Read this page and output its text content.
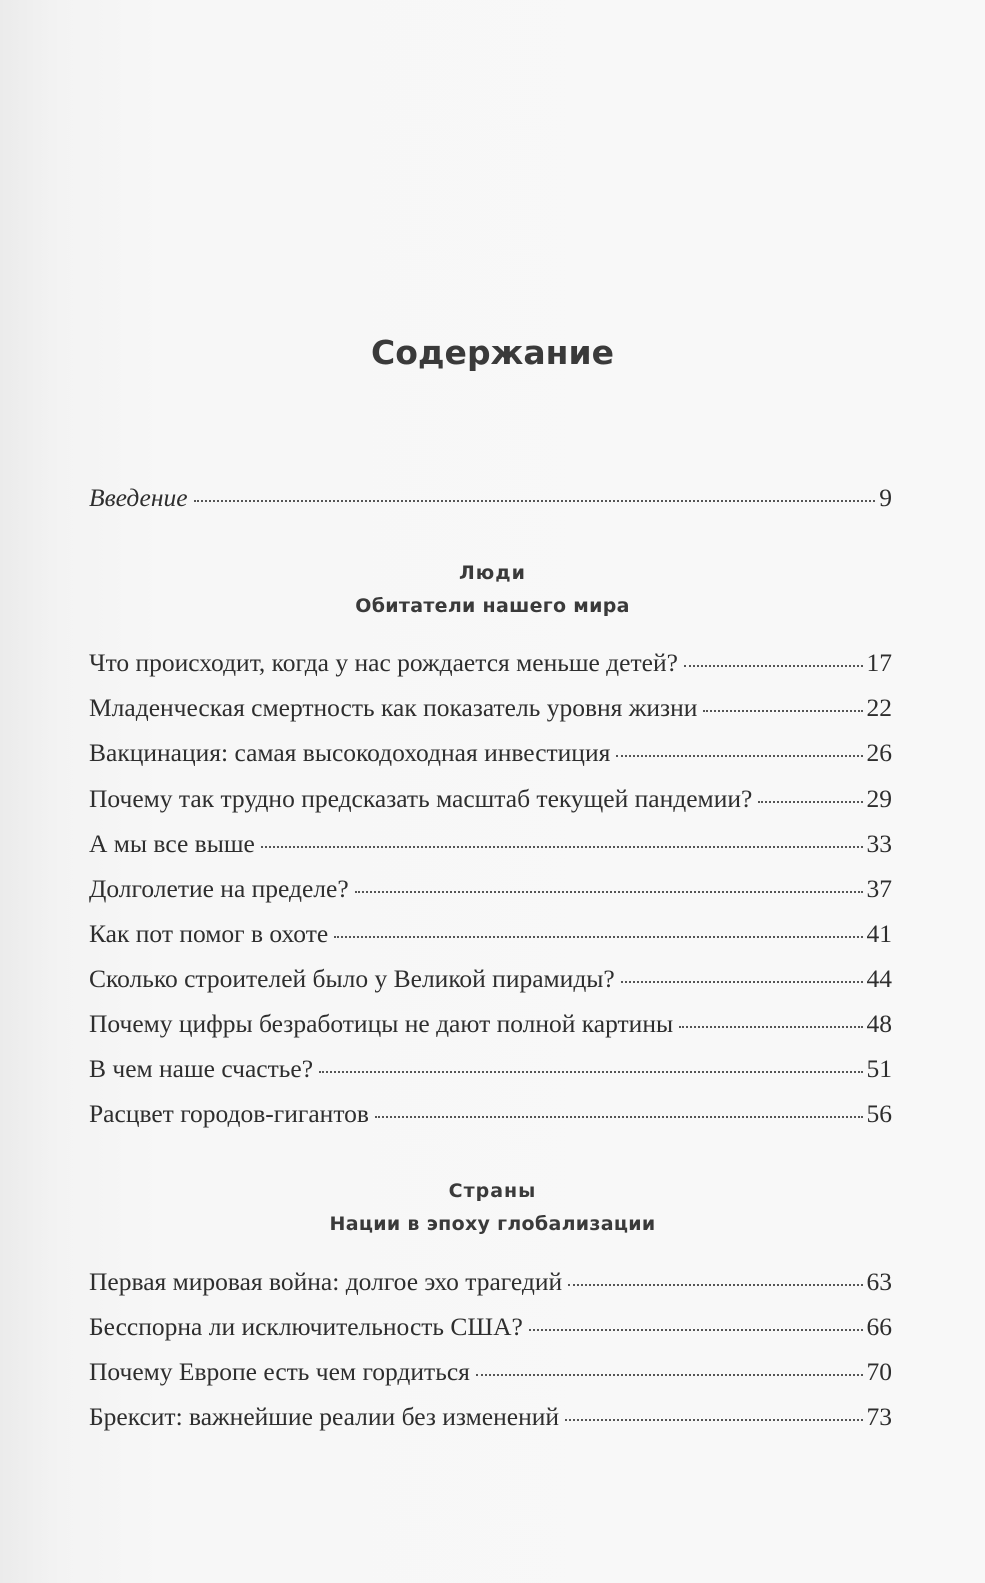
Содержание
Введение	9
Люди
Обитатели нашего мира
Что происходит, когда у нас рождается меньше детей?	17
Младенческая смертность как показатель уровня жизни	22
Вакцинация: самая высокодоходная инвестиция	26
Почему так трудно предсказать масштаб текущей пандемии?	29
А мы все выше	33
Долголетие на пределе?	37
Как пот помог в охоте	41
Сколько строителей было у Великой пирамиды?	44
Почему цифры безработицы не дают полной картины	48
В чем наше счастье?	51
Расцвет городов-гигантов	56
Страны
Нации в эпоху глобализации
Первая мировая война: долгое эхо трагедий	63
Бесспорна ли исключительность США?	66
Почему Европе есть чем гордиться	70
Брексит: важнейшие реалии без изменений	73
